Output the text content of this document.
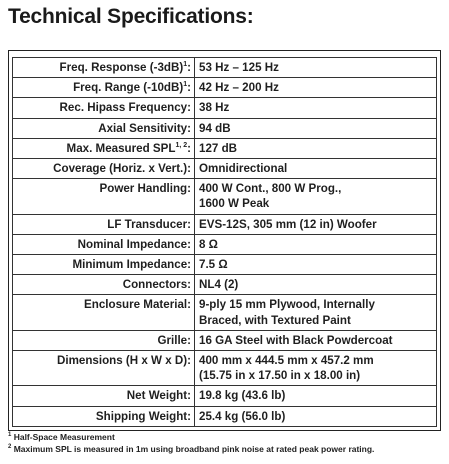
Technical Specifications:
Freq. Response $(-3dB)^1$:	53 Hz – 125 Hz
Freq. Range $(-10dB)^1$:	42 Hz – 200 Hz
Rec. Hipass Frequency:	38 Hz
Axial Sensitivity:	94 dB
Max. Measured SPL$^{1, 2}$:	127 dB
Coverage (Horiz. x Vert.):	Omnidirectional
Power Handling:	400 W Cont., 800 W Prog.,
1600 W Peak
LF Transducer:	EVS-12S, 305 mm (12 in) Woofer
Nominal Impedance:	8 Ω
Minimum Impedance:	7.5 Ω
Connectors:	NL4 (2)
Enclosure Material:	9-ply 15 mm Plywood, Internally
Braced, with Textured Paint
Grille:	16 GA Steel with Black Powdercoat
Dimensions (H x W x D):	400 mm x 444.5 mm x 457.2 mm
(15.75 in x 17.50 in x 18.00 in)
Net Weight:	19.8 kg (43.6 lb)
Shipping Weight:	25.4 kg (56.0 lb)
$^1$ Half-Space Measurement
$^2$ Maximum SPL is measured in 1m using broadband pink noise at rated peak power rating.
